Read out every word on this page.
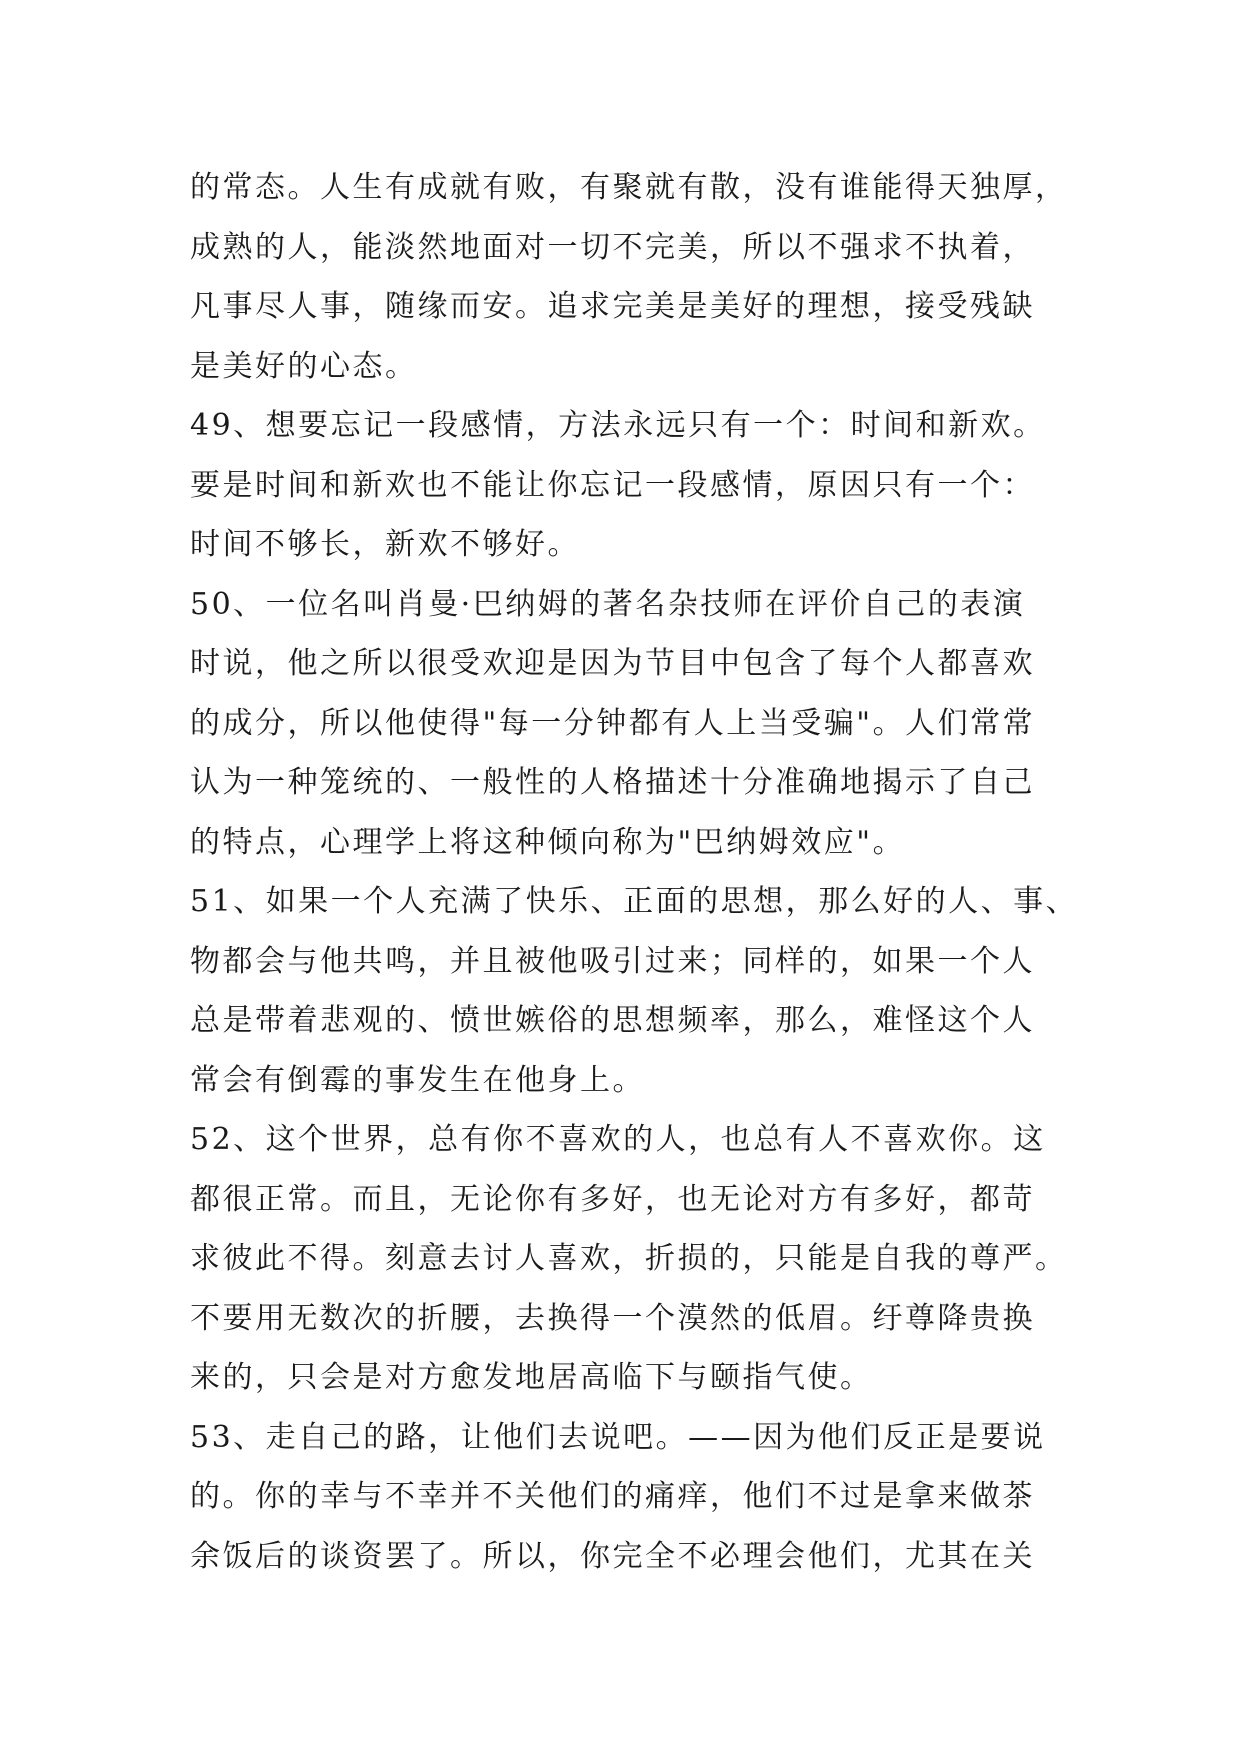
的常态。人生有成就有败，有聚就有散，没有谁能得天独厚，
成熟的人，能淡然地面对一切不完美，所以不强求不执着，
凡事尽人事，随缘而安。追求完美是美好的理想，接受残缺
是美好的心态。
49、想要忘记一段感情，方法永远只有一个：时间和新欢。
要是时间和新欢也不能让你忘记一段感情，原因只有一个：
时间不够长，新欢不够好。
50、一位名叫肖曼·巴纳姆的著名杂技师在评价自己的表演
时说，他之所以很受欢迎是因为节目中包含了每个人都喜欢
的成分，所以他使得"每一分钟都有人上当受骗"。人们常常
认为一种笼统的、一般性的人格描述十分准确地揭示了自己
的特点，心理学上将这种倾向称为"巴纳姆效应"。
51、如果一个人充满了快乐、正面的思想，那么好的人、事、
物都会与他共鸣，并且被他吸引过来；同样的，如果一个人
总是带着悲观的、愤世嫉俗的思想频率，那么，难怪这个人
常会有倒霉的事发生在他身上。
52、这个世界，总有你不喜欢的人，也总有人不喜欢你。这
都很正常。而且，无论你有多好，也无论对方有多好，都苛
求彼此不得。刻意去讨人喜欢，折损的，只能是自我的尊严。
不要用无数次的折腰，去换得一个漠然的低眉。纡尊降贵换
来的，只会是对方愈发地居高临下与颐指气使。
53、走自己的路，让他们去说吧。——因为他们反正是要说
的。你的幸与不幸并不关他们的痛痒，他们不过是拿来做茶
余饭后的谈资罢了。所以，你完全不必理会他们，尤其在关
